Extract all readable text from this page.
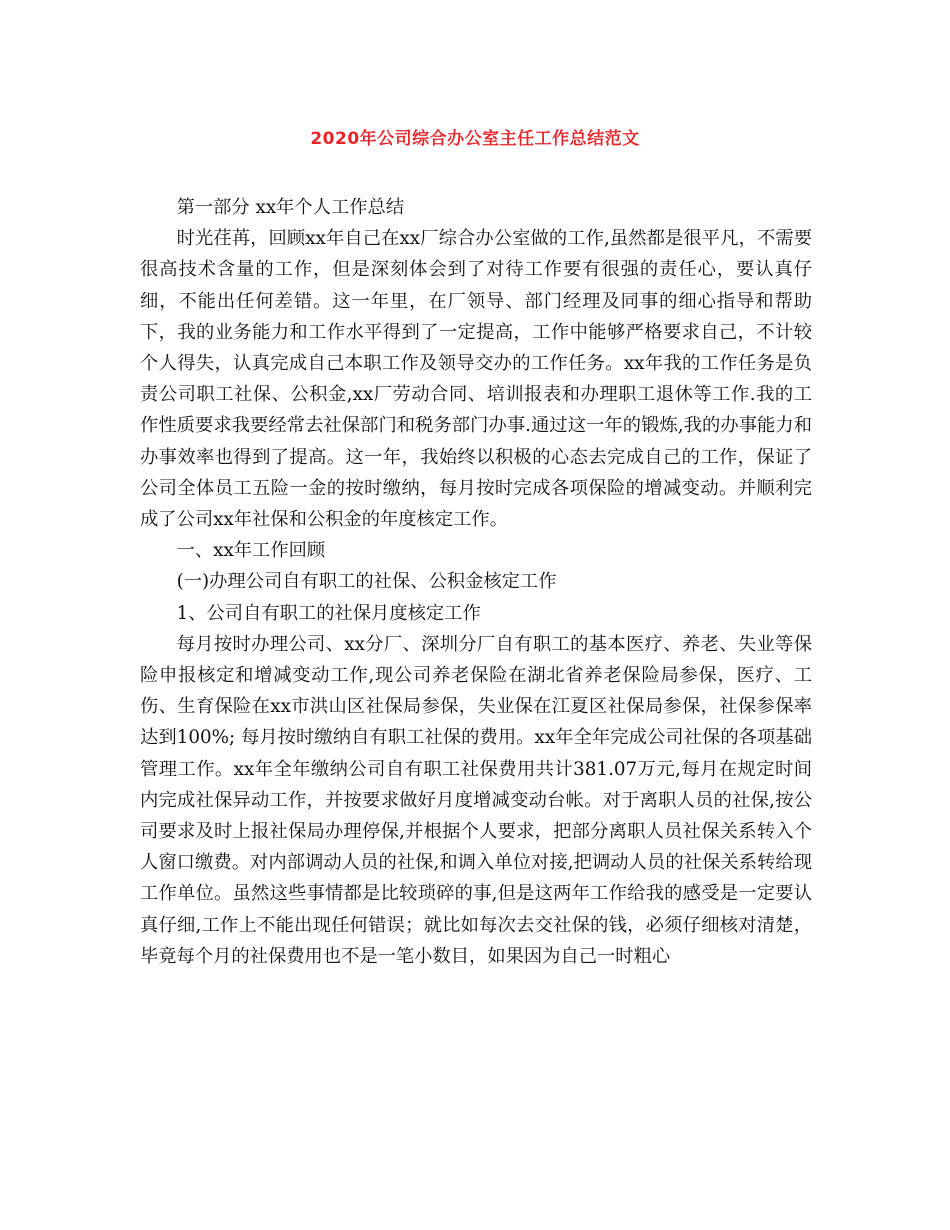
2020年公司综合办公室主任工作总结范文

第一部分 xx年个人工作总结

时光荏苒，回顾xx年自己在xx厂综合办公室做的工作,虽然都是很平凡，不需要很高技术含量的工作，但是深刻体会到了对待工作要有很强的责任心，要认真仔细，不能出任何差错。这一年里，在厂领导、部门经理及同事的细心指导和帮助下，我的业务能力和工作水平得到了一定提高，工作中能够严格要求自己，不计较个人得失，认真完成自己本职工作及领导交办的工作任务。xx年我的工作任务是负责公司职工社保、公积金,xx厂劳动合同、培训报表和办理职工退休等工作.我的工作性质要求我要经常去社保部门和税务部门办事.通过这一年的锻炼,我的办事能力和办事效率也得到了提高。这一年，我始终以积极的心态去完成自己的工作，保证了公司全体员工五险一金的按时缴纳，每月按时完成各项保险的增减变动。并顺利完成了公司xx年社保和公积金的年度核定工作。

一、xx年工作回顾

(一)办理公司自有职工的社保、公积金核定工作

1、公司自有职工的社保月度核定工作

每月按时办理公司、xx分厂、深圳分厂自有职工的基本医疗、养老、失业等保险申报核定和增减变动工作,现公司养老保险在湖北省养老保险局参保，医疗、工伤、生育保险在xx市洪山区社保局参保，失业保在江夏区社保局参保，社保参保率达到100%; 每月按时缴纳自有职工社保的费用。xx年全年完成公司社保的各项基础管理工作。xx年全年缴纳公司自有职工社保费用共计381.07万元,每月在规定时间内完成社保异动工作，并按要求做好月度增减变动台帐。对于离职人员的社保,按公司要求及时上报社保局办理停保,并根据个人要求，把部分离职人员社保关系转入个人窗口缴费。对内部调动人员的社保,和调入单位对接,把调动人员的社保关系转给现工作单位。虽然这些事情都是比较琐碎的事,但是这两年工作给我的感受是一定要认真仔细,工作上不能出现任何错误；就比如每次去交社保的钱，必须仔细核对清楚，毕竟每个月的社保费用也不是一笔小数目，如果因为自己一时粗心
